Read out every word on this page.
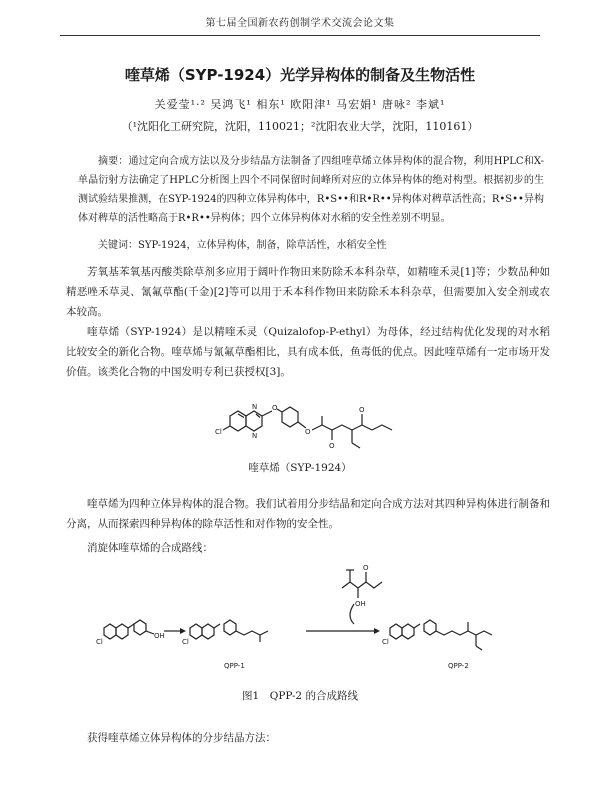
第七届全国新农药创制学术交流会论文集
喹草烯（SYP-1924）光学异构体的制备及生物活性
关爱莹¹·² 吴鸿飞¹ 相东¹ 欧阳津¹ 马宏娟¹ 唐咏² 李斌¹
（¹沈阳化工研究院，沈阳，110021；²沈阳农业大学，沈阳，110161）
摘要：通过定向合成方法以及分步结晶方法制备了四组喹草烯立体异构体的混合物，利用HPLC和X-单晶衍射方法确定了HPLC分析图上四个不同保留时间峰所对应的立体异构体的绝对构型。根据初步的生测试验结果推测，在SYP-1924的四种立体异构体中，R•S••和R•R••异构体对稗草活性高；R•S••异构体对稗草的活性略高于R•R••异构体；四个立体异构体对水稻的安全性差别不明显。
关键词：SYP-1924，立体异构体，制备，除草活性，水稻安全性
芳氧基苯氧基丙酸类除草剂多应用于阔叶作物田来防除禾本科杂草，如精喹禾灵[1]等；少数品种如精恶唑禾草灵、氰氟草酯(千金)[2]等可以用于禾本科作物田来防除禾本科杂草，但需要加入安全剂或农本较高。
喹草烯（SYP-1924）是以精喹禾灵（Quizalofop-P-ethyl）为母体，经过结构优化发现的对水稻比较安全的新化合物。喹草烯与氰氟草酯相比，具有成本低，鱼毒低的优点。因此喹草烯有一定市场开发价值。该类化合物的中国发明专利已获授权[3]。
Cl
N
N
O
O
O
O
喹草烯（SYP-1924）
喹草烯为四种立体异构体的混合物。我们试着用分步结晶和定向合成方法对其四种异构体进行制备和分离，从而探索四种异构体的除草活性和对作物的安全性。
消旋体喹草烯的合成路线：
Cl
OH
Cl
QPP-1
OH
O
Cl
QPP-2
图1　QPP-2 的合成路线
获得喹草烯立体异构体的分步结晶方法：
